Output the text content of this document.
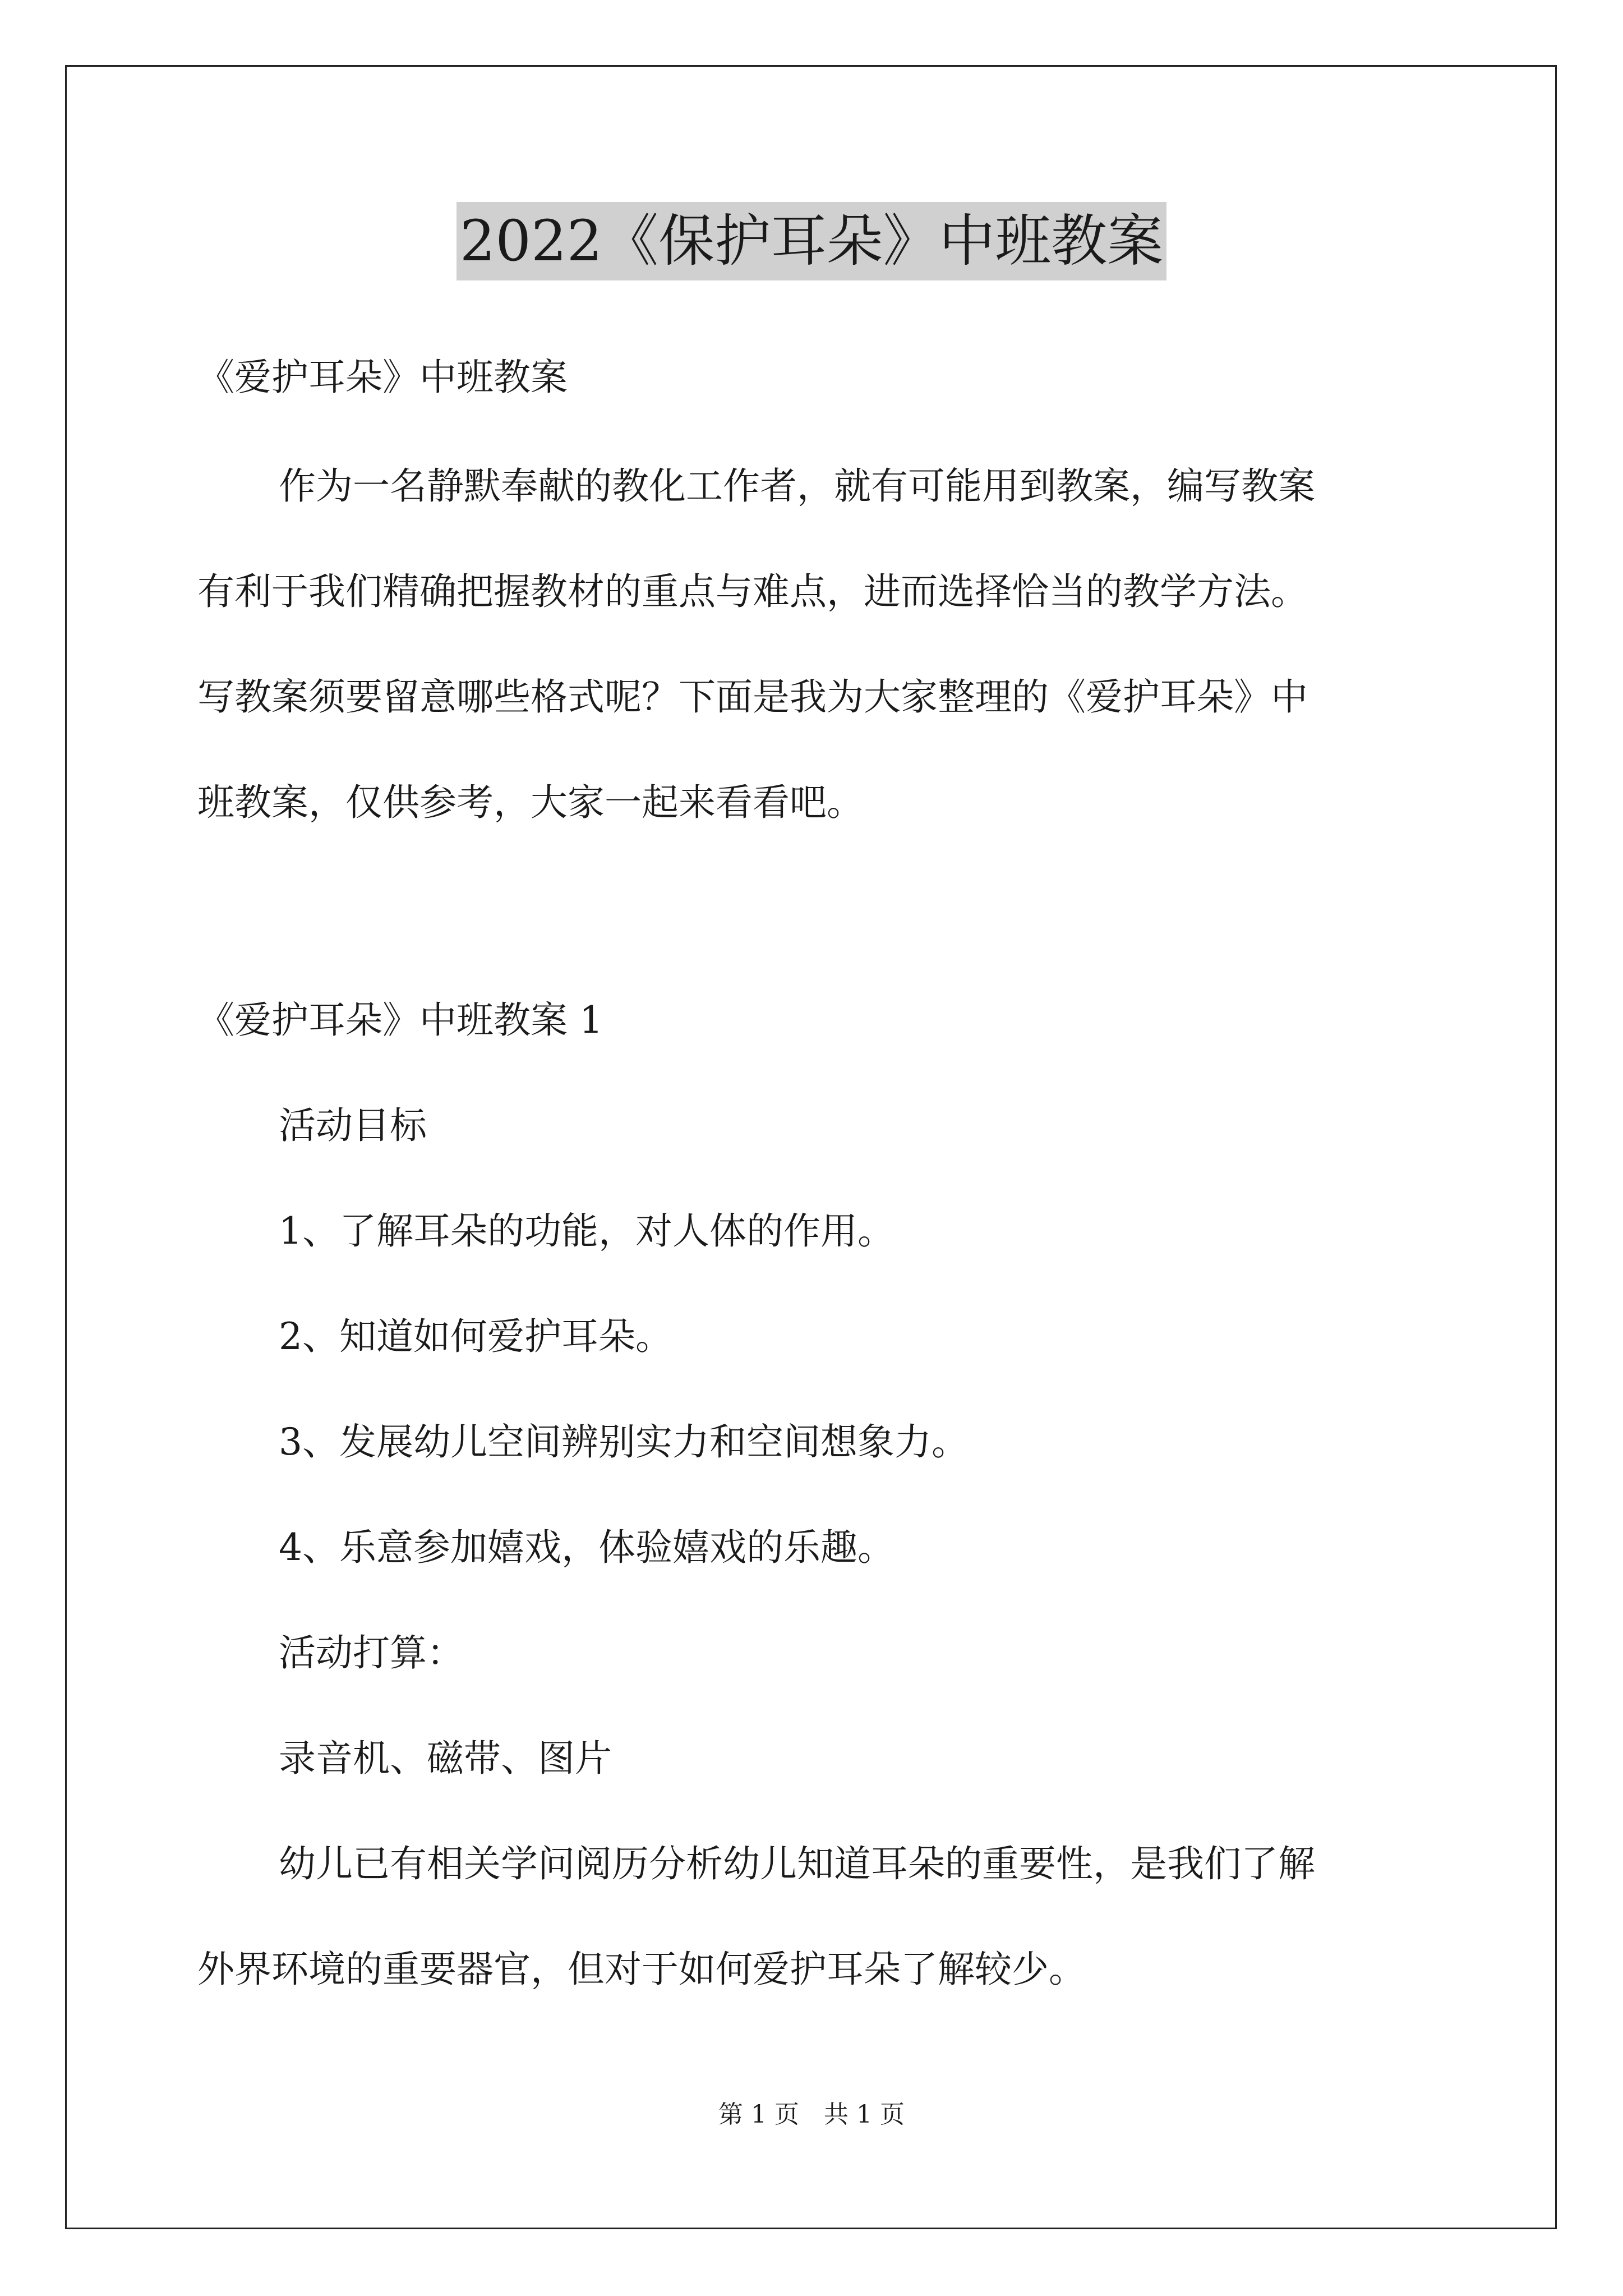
2022《保护耳朵》中班教案
《爱护耳朵》中班教案
作为一名静默奉献的教化工作者，就有可能用到教案，编写教案
有利于我们精确把握教材的重点与难点，进而选择恰当的教学方法。
写教案须要留意哪些格式呢？下面是我为大家整理的《爱护耳朵》中
班教案，仅供参考，大家一起来看看吧。
《爱护耳朵》中班教案 1
活动目标
1、了解耳朵的功能，对人体的作用。
2、知道如何爱护耳朵。
3、发展幼儿空间辨别实力和空间想象力。
4、乐意参加嬉戏，体验嬉戏的乐趣。
活动打算：
录音机、磁带、图片
幼儿已有相关学问阅历分析幼儿知道耳朵的重要性，是我们了解
外界环境的重要器官，但对于如何爱护耳朵了解较少。
第 1 页　共 1 页
